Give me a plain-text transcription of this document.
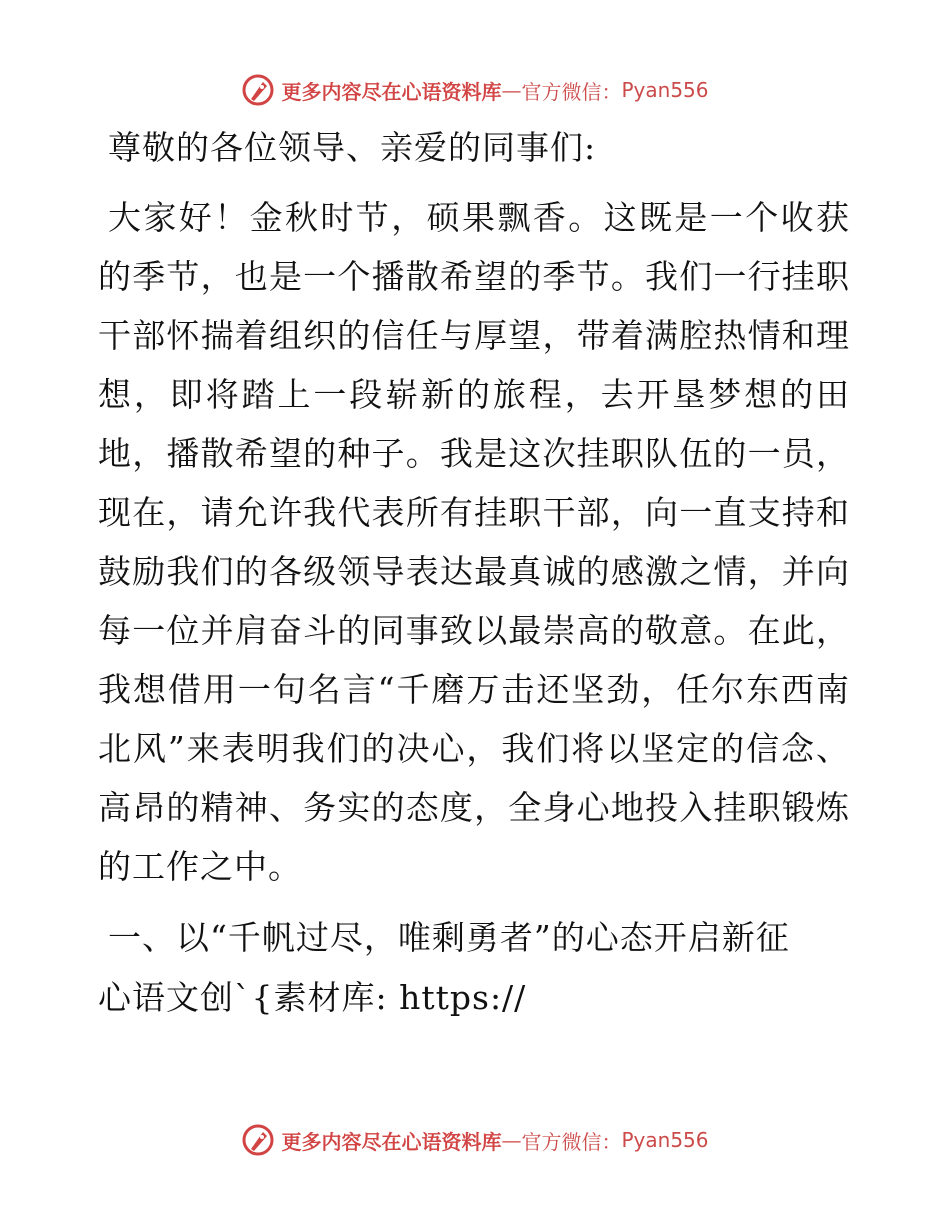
更多内容尽在心语资料库 — 官方微信： Pyan556
尊敬的各位领导、亲爱的同事们:
大家好！金秋时节，硕果飘香。这既是一个收获的季节，也是一个播散希望的季节。我们一行挂职干部怀揣着组织的信任与厚望，带着满腔热情和理想，即将踏上一段崭新的旅程，去开垦梦想的田地，播散希望的种子。我是这次挂职队伍的一员，现在，请允许我代表所有挂职干部，向一直支持和鼓励我们的各级领导表达最真诚的感激之情，并向每一位并肩奋斗的同事致以最崇高的敬意。在此，我想借用一句名言“千磨万击还坚劲，任尔东西南北风”来表明我们的决心，我们将以坚定的信念、高昂的精神、务实的态度，全身心地投入挂职锻炼的工作之中。
一、以“千帆过尽，唯剩勇者”的心态开启新征
心语文创`{素材库: https://
更多内容尽在心语资料库 — 官方微信： Pyan556
